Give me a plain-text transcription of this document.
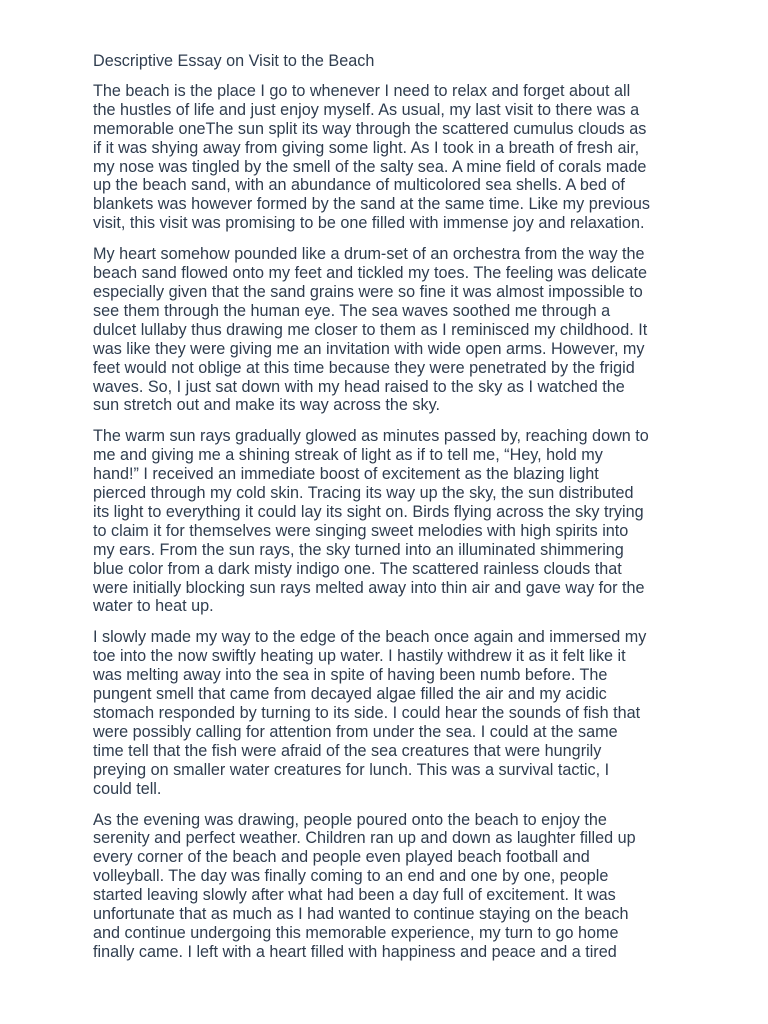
Descriptive Essay on Visit to the Beach
The beach is the place I go to whenever I need to relax and forget about all
the hustles of life and just enjoy myself. As usual, my last visit to there was a
memorable oneThe sun split its way through the scattered cumulus clouds as
if it was shying away from giving some light. As I took in a breath of fresh air,
my nose was tingled by the smell of the salty sea. A mine field of corals made
up the beach sand, with an abundance of multicolored sea shells. A bed of
blankets was however formed by the sand at the same time. Like my previous
visit, this visit was promising to be one filled with immense joy and relaxation.
My heart somehow pounded like a drum-set of an orchestra from the way the
beach sand flowed onto my feet and tickled my toes. The feeling was delicate
especially given that the sand grains were so fine it was almost impossible to
see them through the human eye. The sea waves soothed me through a
dulcet lullaby thus drawing me closer to them as I reminisced my childhood. It
was like they were giving me an invitation with wide open arms. However, my
feet would not oblige at this time because they were penetrated by the frigid
waves. So, I just sat down with my head raised to the sky as I watched the
sun stretch out and make its way across the sky.
The warm sun rays gradually glowed as minutes passed by, reaching down to
me and giving me a shining streak of light as if to tell me, “Hey, hold my
hand!” I received an immediate boost of excitement as the blazing light
pierced through my cold skin. Tracing its way up the sky, the sun distributed
its light to everything it could lay its sight on. Birds flying across the sky trying
to claim it for themselves were singing sweet melodies with high spirits into
my ears. From the sun rays, the sky turned into an illuminated shimmering
blue color from a dark misty indigo one. The scattered rainless clouds that
were initially blocking sun rays melted away into thin air and gave way for the
water to heat up.
I slowly made my way to the edge of the beach once again and immersed my
toe into the now swiftly heating up water. I hastily withdrew it as it felt like it
was melting away into the sea in spite of having been numb before. The
pungent smell that came from decayed algae filled the air and my acidic
stomach responded by turning to its side. I could hear the sounds of fish that
were possibly calling for attention from under the sea. I could at the same
time tell that the fish were afraid of the sea creatures that were hungrily
preying on smaller water creatures for lunch. This was a survival tactic, I
could tell.
As the evening was drawing, people poured onto the beach to enjoy the
serenity and perfect weather. Children ran up and down as laughter filled up
every corner of the beach and people even played beach football and
volleyball. The day was finally coming to an end and one by one, people
started leaving slowly after what had been a day full of excitement. It was
unfortunate that as much as I had wanted to continue staying on the beach
and continue undergoing this memorable experience, my turn to go home
finally came. I left with a heart filled with happiness and peace and a tired
